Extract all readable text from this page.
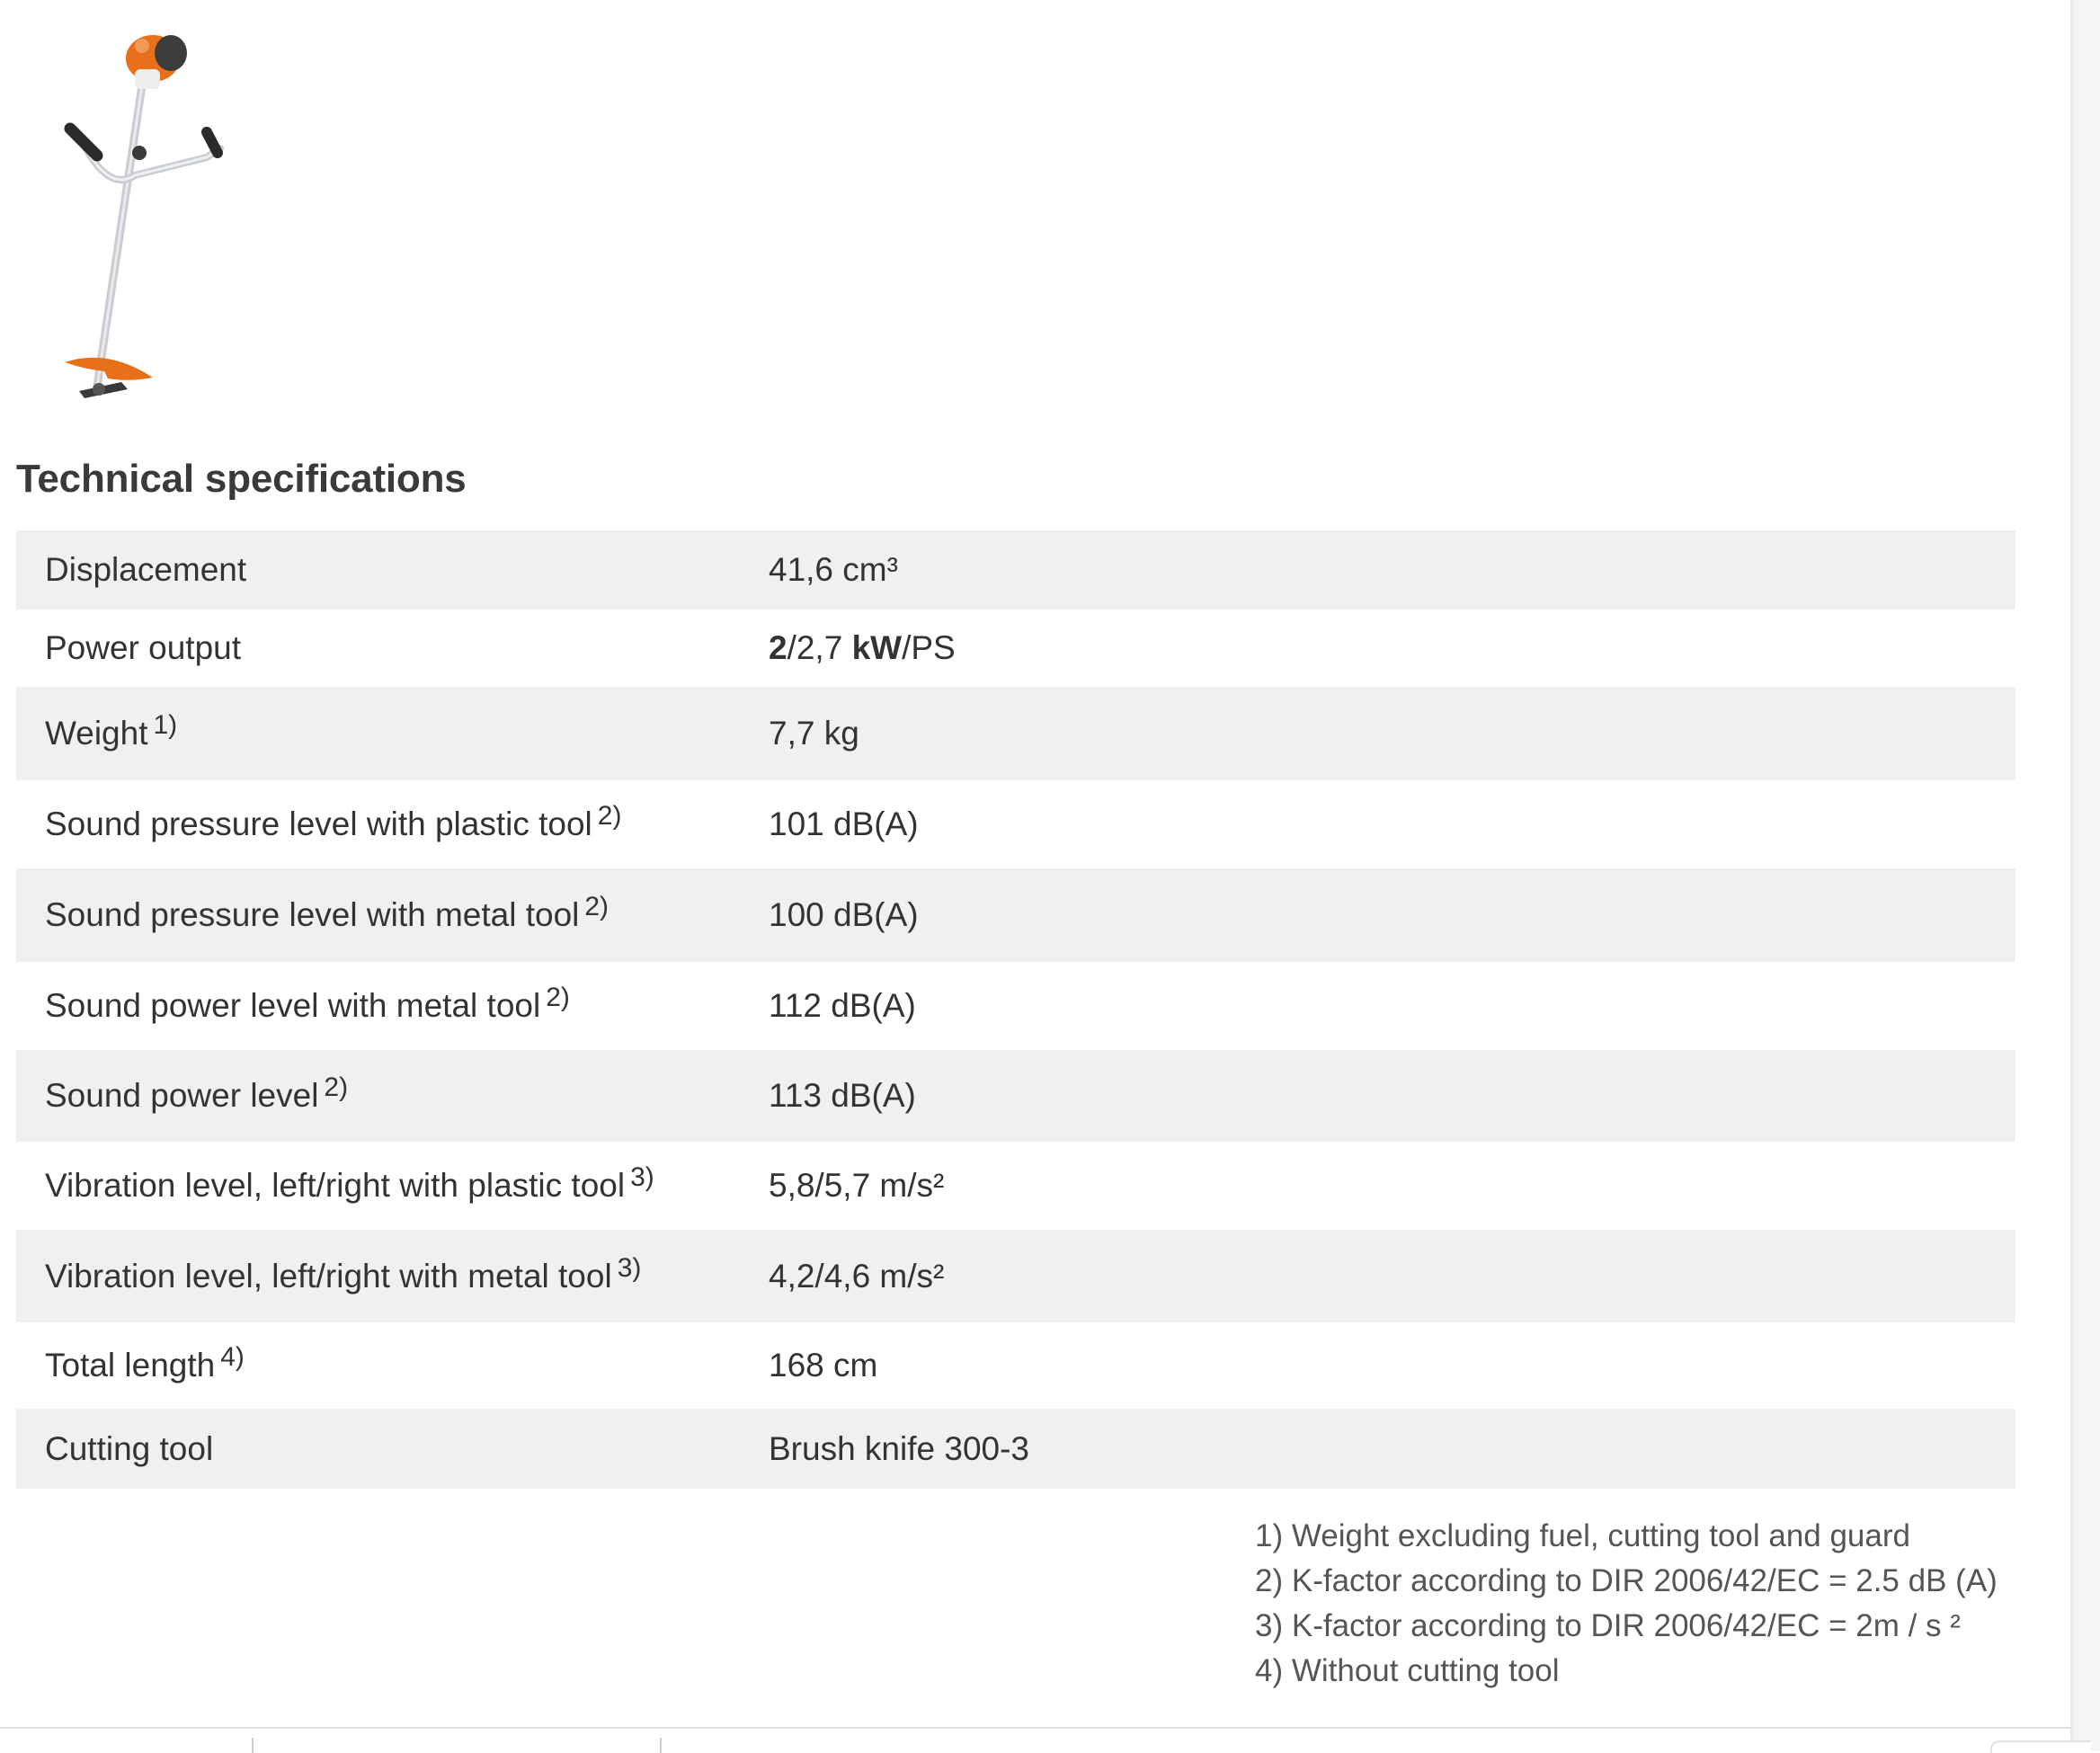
Technical specifications
Displacement	41,6 cm³
Power output	2/2,7 kW/PS
Weight $^{1)}$	7,7 kg
Sound pressure level with plastic tool $^{2)}$	101 dB(A)
Sound pressure level with metal tool $^{2)}$	100 dB(A)
Sound power level with metal tool $^{2)}$	112 dB(A)
Sound power level $^{2)}$	113 dB(A)
Vibration level, left/right with plastic tool $^{3)}$	5,8/5,7 m/s²
Vibration level, left/right with metal tool $^{3)}$	4,2/4,6 m/s²
Total length $^{4)}$	168 cm
Cutting tool	Brush knife 300-3
1) Weight excluding fuel, cutting tool and guard
2) K-factor according to DIR 2006/42/EC = 2.5 dB (A)
3) K-factor according to DIR 2006/42/EC = 2m / s ²
4) Without cutting tool
